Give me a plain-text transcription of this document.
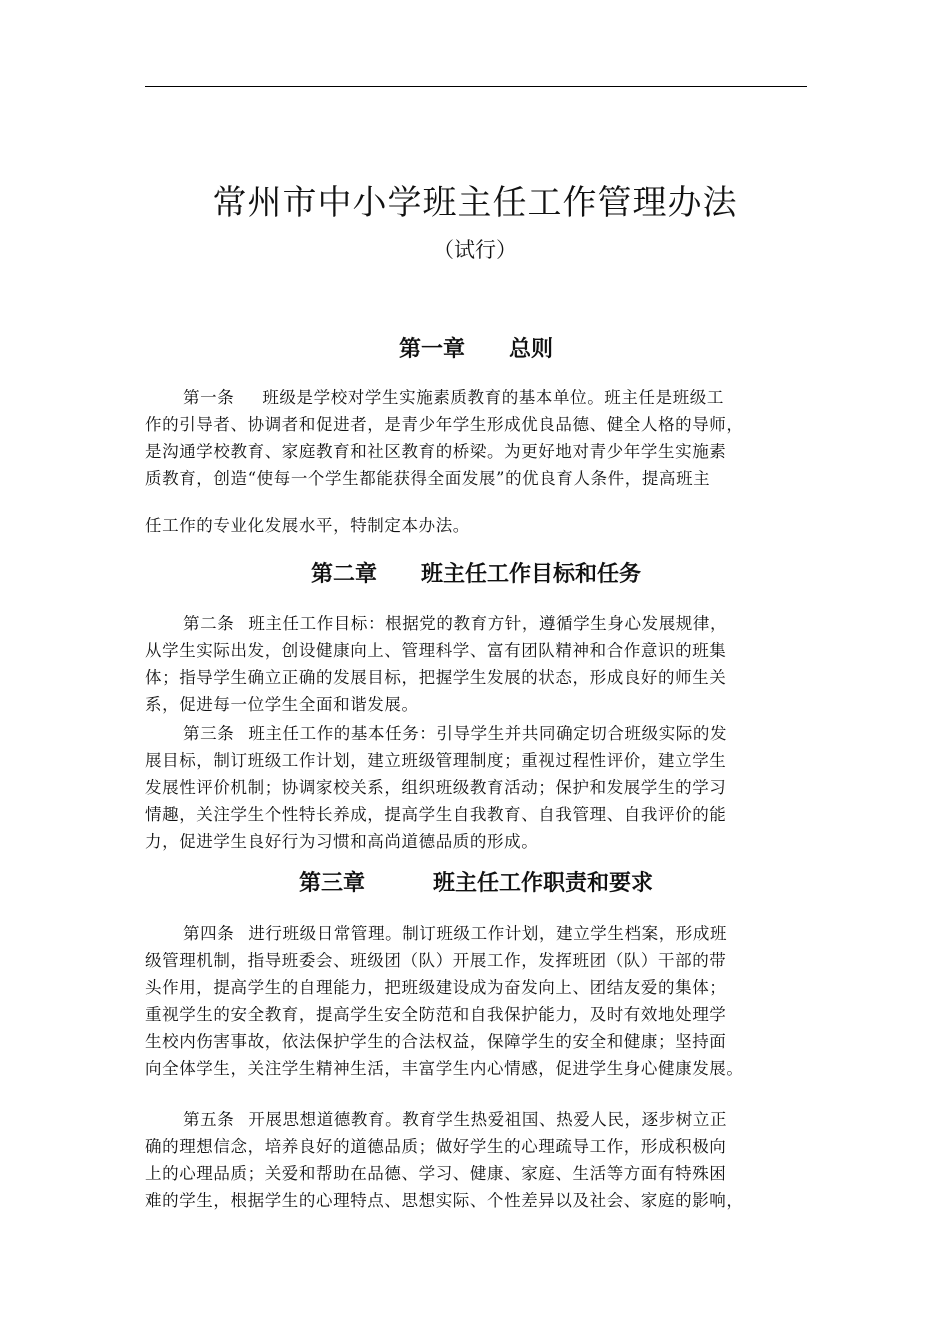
常州市中小学班主任工作管理办法
（试行）
第一章 总则
第一条 班级是学校对学生实施素质教育的基本单位。班主任是班级工
作的引导者、协调者和促进者，是青少年学生形成优良品德、健全人格的导师，
是沟通学校教育、家庭教育和社区教育的桥梁。为更好地对青少年学生实施素
质教育，创造“使每一个学生都能获得全面发展”的优良育人条件，提高班主
任工作的专业化发展水平，特制定本办法。
第二章 班主任工作目标和任务
第二条 班主任工作目标：根据党的教育方针，遵循学生身心发展规律，
从学生实际出发，创设健康向上、管理科学、富有团队精神和合作意识的班集
体；指导学生确立正确的发展目标，把握学生发展的状态，形成良好的师生关
系，促进每一位学生全面和谐发展。
第三条 班主任工作的基本任务：引导学生并共同确定切合班级实际的发
展目标，制订班级工作计划，建立班级管理制度；重视过程性评价，建立学生
发展性评价机制；协调家校关系，组织班级教育活动；保护和发展学生的学习
情趣，关注学生个性特长养成，提高学生自我教育、自我管理、自我评价的能
力，促进学生良好行为习惯和高尚道德品质的形成。
第三章	班主任工作职责和要求
第四条 进行班级日常管理。制订班级工作计划，建立学生档案，形成班
级管理机制，指导班委会、班级团（队）开展工作，发挥班团（队）干部的带
头作用，提高学生的自理能力，把班级建设成为奋发向上、团结友爱的集体；
重视学生的安全教育，提高学生安全防范和自我保护能力，及时有效地处理学
生校内伤害事故，依法保护学生的合法权益，保障学生的安全和健康；坚持面
向全体学生，关注学生精神生活，丰富学生内心情感，促进学生身心健康发展。
第五条 开展思想道德教育。教育学生热爱祖国、热爱人民，逐步树立正
确的理想信念，培养良好的道德品质；做好学生的心理疏导工作，形成积极向
上的心理品质；关爱和帮助在品德、学习、健康、家庭、生活等方面有特殊困
难的学生，根据学生的心理特点、思想实际、个性差异以及社会、家庭的影响，
